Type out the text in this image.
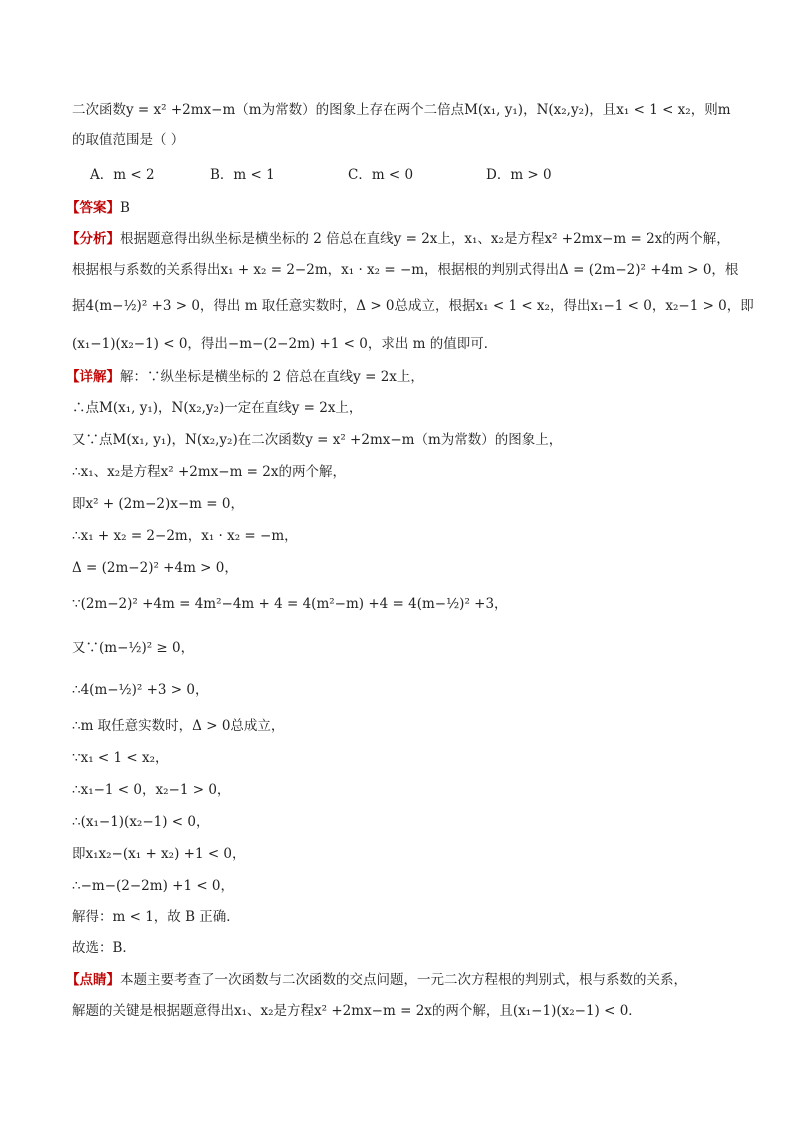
二次函数y = x² +2mx−m（m为常数）的图象上存在两个二倍点M(x₁, y₁)，N(x₂,y₂)，且x₁ < 1 < x₂，则m
的取值范围是（ ）
A．m < 2	B．m < 1	C．m < 0	D．m > 0
【答案】B
【分析】根据题意得出纵坐标是横坐标的 2 倍总在直线y = 2x上，x₁、x₂是方程x² +2mx−m = 2x的两个解，
根据根与系数的关系得出x₁ + x₂ = 2−2m，x₁ · x₂ = −m，根据根的判别式得出Δ = (2m−2)² +4m > 0，根
据4(m−½)² +3 > 0，得出 m 取任意实数时，Δ > 0总成立，根据x₁ < 1 < x₂，得出x₁−1 < 0，x₂−1 > 0，即
(x₁−1)(x₂−1) < 0，得出−m−(2−2m) +1 < 0，求出 m 的值即可．
【详解】解：∵纵坐标是横坐标的 2 倍总在直线y = 2x上，
∴点M(x₁, y₁)，N(x₂,y₂)一定在直线y = 2x上，
又∵点M(x₁, y₁)，N(x₂,y₂)在二次函数y = x² +2mx−m（m为常数）的图象上，
∴x₁、x₂是方程x² +2mx−m = 2x的两个解，
即x² + (2m−2)x−m = 0，
∴x₁ + x₂ = 2−2m，x₁ · x₂ = −m，
Δ = (2m−2)² +4m > 0，
∵(2m−2)² +4m = 4m²−4m + 4 = 4(m²−m) +4 = 4(m−½)² +3，
又∵(m−½)² ≥ 0，
∴4(m−½)² +3 > 0，
∴m 取任意实数时，Δ > 0总成立，
∵x₁ < 1 < x₂，
∴x₁−1 < 0，x₂−1 > 0，
∴(x₁−1)(x₂−1) < 0，
即x₁x₂−(x₁ + x₂) +1 < 0，
∴−m−(2−2m) +1 < 0，
解得：m < 1，故 B 正确．
故选：B．
【点睛】本题主要考查了一次函数与二次函数的交点问题，一元二次方程根的判别式，根与系数的关系，
解题的关键是根据题意得出x₁、x₂是方程x² +2mx−m = 2x的两个解，且(x₁−1)(x₂−1) < 0．
